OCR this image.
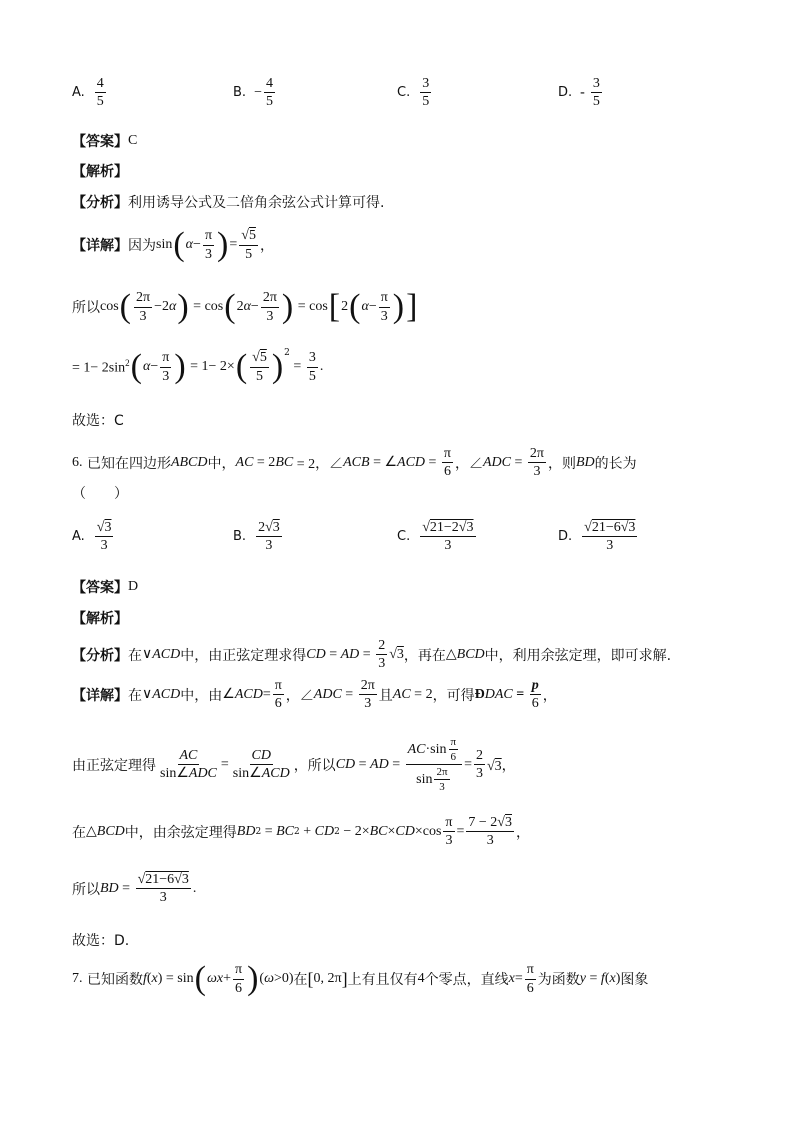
A. $\frac{4}{5}$	B. − $\frac{4}{5}$	C. $\frac{3}{5}$	D. - $\frac{3}{5}$
【答案】 C
【解析】
【分析】 利用诱导公式及二倍角余弦公式计算可得.
【详解】 因为 sin ( $\alpha - \frac{\pi}{3}$ ) = $\frac{√5}{5}$ ，
所以 cos ( $\frac{2\pi}{3} -2$ α ) = cos ( 2 $\alpha - \frac{2\pi}{3}$ ) = cos [ 2 ( $\alpha - \frac{\pi}{3}$ ) ]
= $1- 2\sin^2$ ( $\alpha - \frac{\pi}{3}$ ) = 1− 2× ( $\frac{√5}{5} )^2$
= $\frac{3}{5}$ .
故选：C
6.
已知在四边形 ABCD 中， AC = 2 BC = 2，∠ ACB = ∠ ACD = $\frac{\pi}{6}$ ，∠ ADC = $\frac{2\pi}{3}$ ，则 BD 的长为
（　　）
A. $\frac{√3}{3}$	B. $\frac{2√3}{3}$	C. $\frac{√21-2√3}{3}$	D. $\frac{√21-6√3}{3}$
【答案】 D
【解析】
【分析】 在 ∨ ACD 中，由正弦定理求得 CD = AD = $\frac{2}{3} √3$ ，再在 △ BCD 中，利用余弦定理，即可求解.
【详解】 在 ∨ ACD 中，由 ∠ ACD = $\frac{\pi}{6}$ ，∠ ADC = $\frac{2\pi}{3}$ 且 AC = 2 ，可得 Ð DAC = $\frac{p}{6}$ ，
由正弦定理得 $\frac{AC}{\text{sin∠ADC}} = \frac{CD}{\text{sin∠ACD}}$ ，所以 CD = AD = $\frac{AC\cdot\sin \frac{\pi}{6}}{\sin \frac{2\pi}{3}} = \frac{2}{3} √3$，
在 △ BCD 中，由余弦定理得 BD 2 = BC 2 + CD 2 − 2× BC × CD $\times\cos \frac{\pi}{3} = \frac{7 - 2√3}{3}$ ，
所以 BD = $\frac{√21-6√3}{3}$ .
故选：D.
7.
已知函数 f ( x ) = sin ( $\omega x + \frac{\pi}{6}$ ) ( ω >0) 在 [ 0, 2π ] 上有且仅有 4 个零点，直线 $x = \frac{\pi}{6}$ 为函数 y = f ( x ) 图象
